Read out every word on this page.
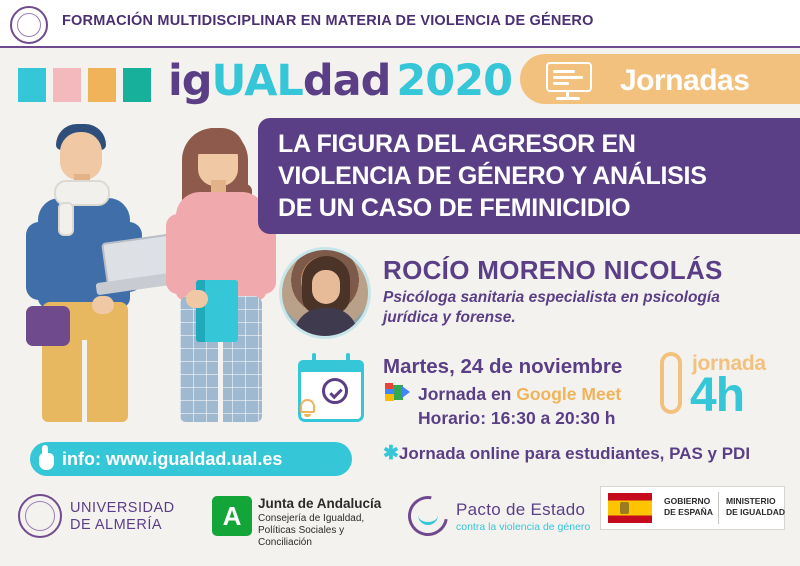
FORMACIÓN MULTIDISCIPLINAR EN MATERIA DE VIOLENCIA DE GÉNERO
igUALdad 2020	Jornadas
LA FIGURA DEL AGRESOR EN
VIOLENCIA DE GÉNERO Y ANÁLISIS
DE UN CASO DE FEMINICIDIO
ROCÍO MORENO NICOLÁS
Psicóloga sanitaria especialista en psicología
jurídica y forense.
Martes, 24 de noviembre
Jornada en Google Meet
Horario: 16:30 a 20:30 h
jornada
4h
✱Jornada online para estudiantes, PAS y PDI
info: www.igualdad.ual.es
UNIVERSIDAD
DE ALMERÍA
A
Junta de Andalucía
Consejería de Igualdad,
Políticas Sociales y Conciliación
Pacto de Estado
contra la violencia de género
GOBIERNO
DE ESPAÑA
MINISTERIO
DE IGUALDAD
